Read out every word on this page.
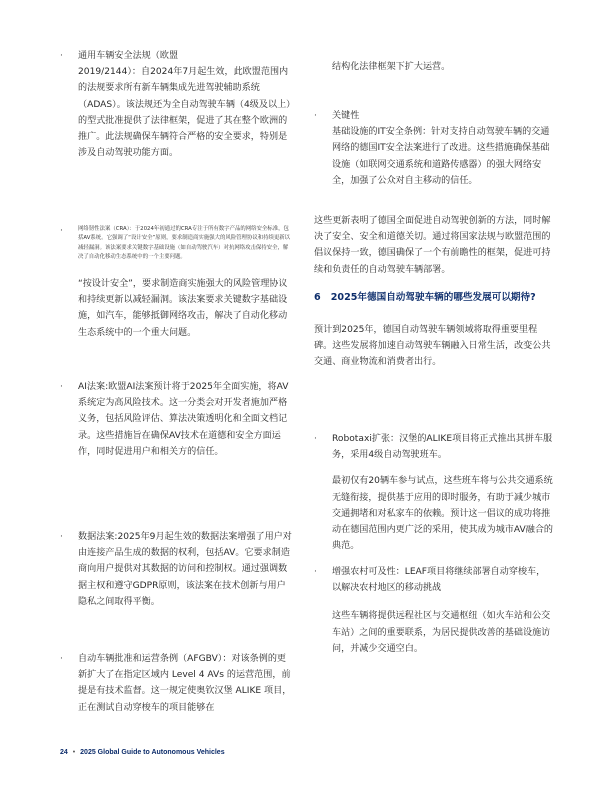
· 通用车辆安全法规（欧盟
2019/2144）：自2024年7月起生效，此欧盟范围内的法规要求所有新车辆集成先进驾驶辅助系统（ADAS）。该法规还为全自动驾驶车辆（4级及以上）的型式批准提供了法律框架，促进了其在整个欧洲的推广。此法规确保车辆符合严格的安全要求，特别是涉及自动驾驶功能方面。
·	网络韧性法案（CRA）：于2024年初通过的CRA专注于所有数字产品的网络安全标准，包括AV系统。它强调了“设计安全”原则，要求制造商实施强大的风险管理协议和持续更新以减轻漏洞。该法案要求关键数字基础设施（如自动驾驶汽车）对抗网络攻击保持安全，解决了自动化移动生态系统中的一个主要问题。
“按设计安全”，要求制造商实施强大的风险管理协议和持续更新以减轻漏洞。该法案要求关键数字基础设施，如汽车，能够抵御网络攻击，解决了自动化移动生态系统中的一个重大问题。
· AI法案:欧盟AI法案预计将于2025年全面实施，将AV系统定为高风险技术。这一分类会对开发者施加严格义务，包括风险评估、算法决策透明化和全面文档记录。这些措施旨在确保AV技术在道德和安全方面运作，同时促进用户和相关方的信任。
· 数据法案:2025年9月起生效的数据法案增强了用户对由连接产品生成的数据的权利，包括AV。它要求制造商向用户提供对其数据的访问和控制权。通过强调数据主权和遵守GDPR原则，该法案在技术创新与用户隐私之间取得平衡。
· 自动车辆批准和运营条例（AFGBV）：对该条例的更新扩大了在指定区域内 Level 4 AVs 的运营范围，前提是有技术监督。这一规定使奥钦汉堡 ALIKE 项目，正在测试自动穿梭车的项目能够在
结构化法律框架下扩大运营。
· 关键性
基础设施的IT安全条例：针对支持自动驾驶车辆的交通网络的德国IT安全法案进行了改进。这些措施确保基础设施（如联网交通系统和道路传感器）的强大网络安全，加强了公众对自主移动的信任。
这些更新表明了德国全面促进自动驾驶创新的方法，同时解决了安全、安全和道德关切。通过将国家法规与欧盟范围的倡议保持一致，德国确保了一个有前瞻性的框架，促进可持续和负责任的自动驾驶车辆部署。
6 2025年德国自动驾驶车辆的哪些发展可以期待?
预计到2025年，德国自动驾驶车辆领域将取得重要里程碑。这些发展将加速自动驾驶车辆融入日常生活，改变公共交通、商业物流和消费者出行。
· Robotaxi扩张：汉堡的ALIKE项目将正式推出其拼车服务，采用4级自动驾驶班车。
最初仅有20辆车参与试点，这些班车将与公共交通系统无缝衔接，提供基于应用的即时服务，有助于减少城市交通拥堵和对私家车的依赖。预计这一倡议的成功将推动在德国范围内更广泛的采用，使其成为城市AV融合的典范。
· 增强农村可及性：LEAF项目将继续部署自动穿梭车，以解决农村地区的移动挑战
这些车辆将提供远程社区与交通枢纽（如火车站和公交车站）之间的重要联系，为居民提供改善的基础设施访问，并减少交通空白。
24 • 2025 Global Guide to Autonomous Vehicles
